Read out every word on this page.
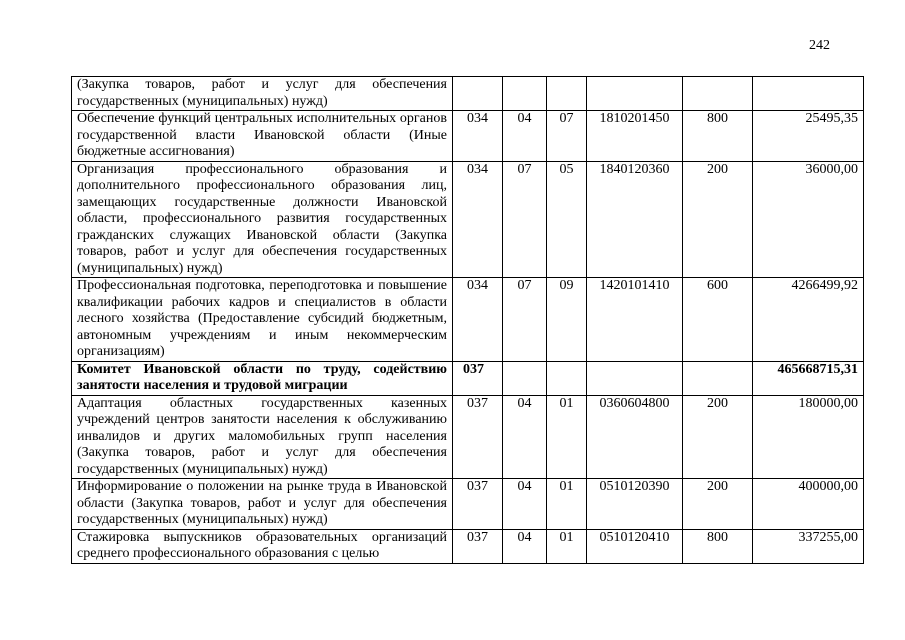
242
(Закупка товаров, работ и услуг для обеспечения государственных (муниципальных) нужд)						
Обеспечение функций центральных исполнительных органов государственной власти Ивановской области (Иные бюджетные ассигнования)	034	04	07	1810201450	800	25495,35
Организация профессионального образования и дополнительного профессионального образования лиц, замещающих государственные должности Ивановской области, профессионального развития государственных гражданских служащих Ивановской области (Закупка товаров, работ и услуг для обеспечения государственных (муниципальных) нужд)	034	07	05	1840120360	200	36000,00
Профессиональная подготовка, переподготовка и повышение квалификации рабочих кадров и специалистов в области лесного хозяйства (Предоставление субсидий бюджетным, автономным учреждениям и иным некоммерческим организациям)	034	07	09	1420101410	600	4266499,92
Комитет Ивановской области по труду, содействию занятости населения и трудовой миграции	037					465668715,31
Адаптация областных государственных казенных учреждений центров занятости населения к обслуживанию инвалидов и других маломобильных групп населения (Закупка товаров, работ и услуг для обеспечения государственных (муниципальных) нужд)	037	04	01	0360604800	200	180000,00
Информирование о положении на рынке труда в Ивановской области (Закупка товаров, работ и услуг для обеспечения государственных (муниципальных) нужд)	037	04	01	0510120390	200	400000,00
Стажировка выпускников образовательных организаций среднего профессионального образования с целью	037	04	01	0510120410	800	337255,00
